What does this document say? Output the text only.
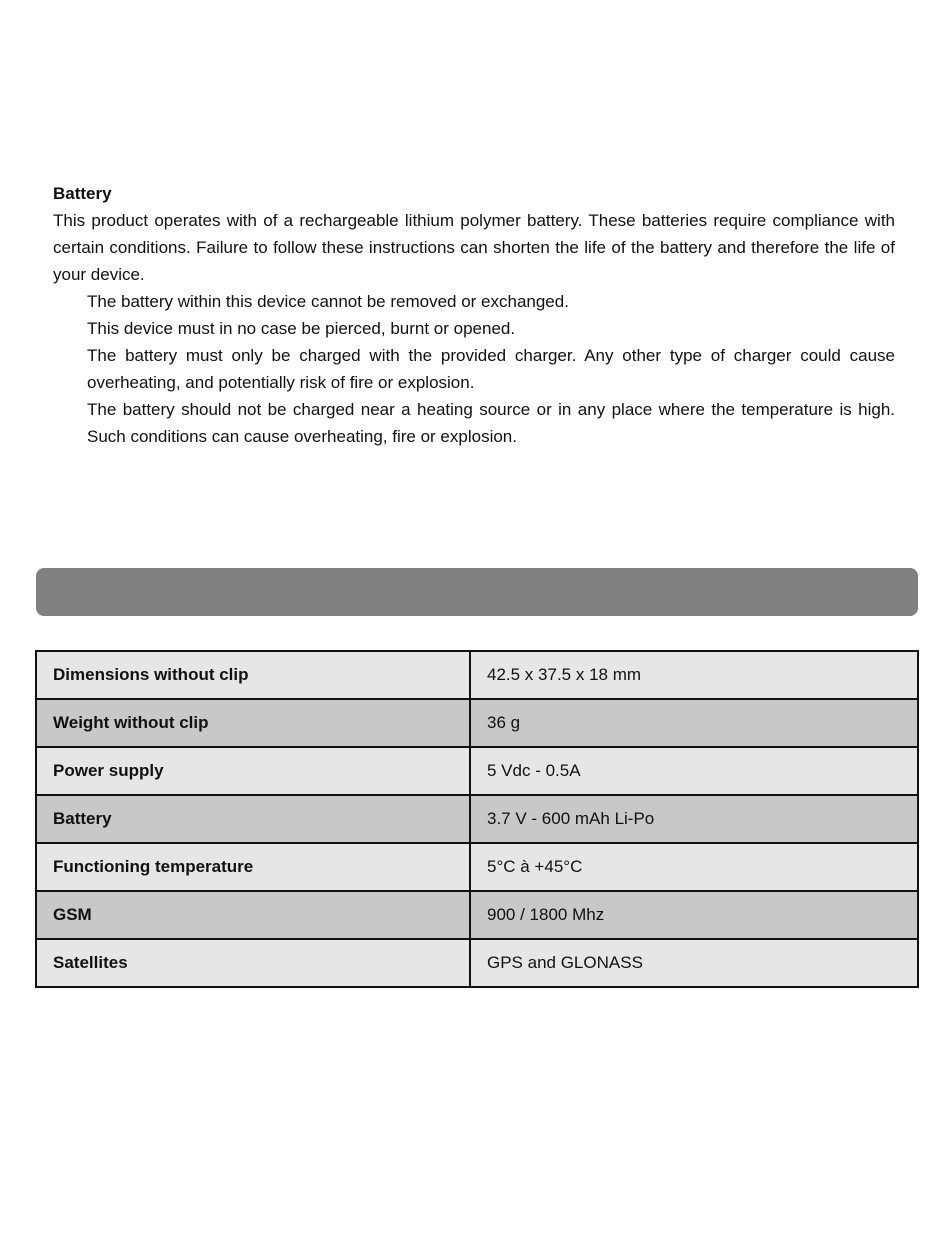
Battery

This product operates with of a rechargeable lithium polymer battery. These batteries require compliance with certain conditions. Failure to follow these instructions can shorten the life of the battery and therefore the life of your device.

The battery within this device cannot be removed or exchanged.
This device must in no case be pierced, burnt or opened.
The battery must only be charged with the provided charger. Any other type of charger could cause overheating, and potentially risk of fire or explosion.
The battery should not be charged near a heating source or in any place where the temperature is high. Such conditions can cause overheating, fire or explosion.
Dimensions without clip	42.5 x 37.5 x 18 mm
Weight without clip	36 g
Power supply	5 Vdc - 0.5A
Battery	3.7 V - 600 mAh Li-Po
Functioning temperature	5°C à +45°C
GSM	900 / 1800 Mhz
Satellites	GPS and GLONASS
